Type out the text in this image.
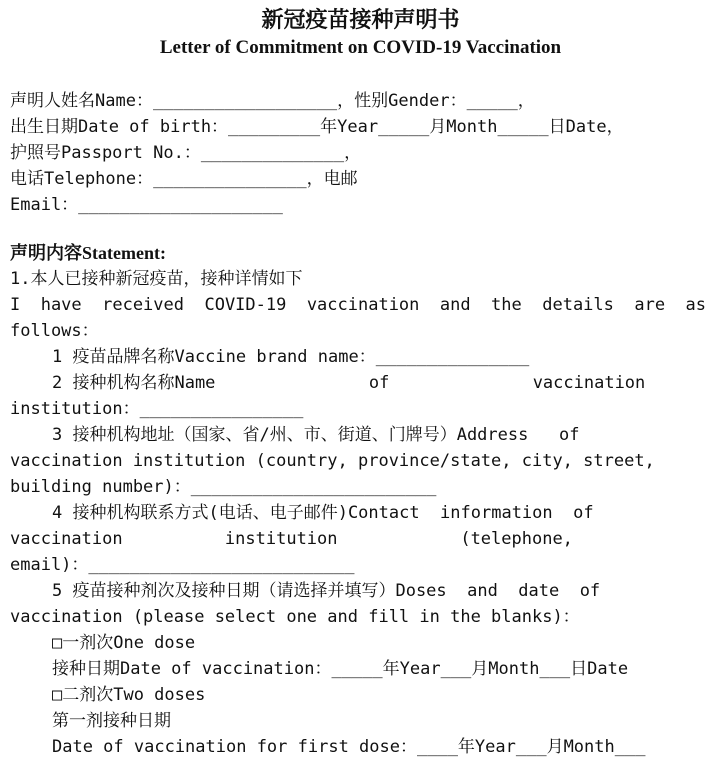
新冠疫苗接种声明书
Letter of Commitment on COVID-19 Vaccination
声明人姓名Name：__________________，性别Gender：_____，
出生日期Date of birth：_________年Year_____月Month_____日Date，
护照号Passport No.：______________，
电话Telephone：_______________，电邮
Email：____________________
声明内容Statement:
1.本人已接种新冠疫苗，接种详情如下
I have received COVID-19 vaccination and the details are as
follows：
1 疫苗品牌名称Vaccine brand name：_______________
2 接种机构名称Name               of              vaccination
institution：________________
3 接种机构地址（国家、省/州、市、街道、门牌号）Address   of
vaccination institution (country, province/state, city, street,
building number)：________________________
4 接种机构联系方式(电话、电子邮件)Contact  information  of
vaccination          institution            (telephone,
email)：__________________________
5 疫苗接种剂次及接种日期（请选择并填写）Doses  and  date  of
vaccination (please select one and fill in the blanks)：
□一剂次One dose
接种日期Date of vaccination：_____年Year___月Month___日Date
□二剂次Two doses
第一剂接种日期
Date of vaccination for first dose：____年Year___月Month___
